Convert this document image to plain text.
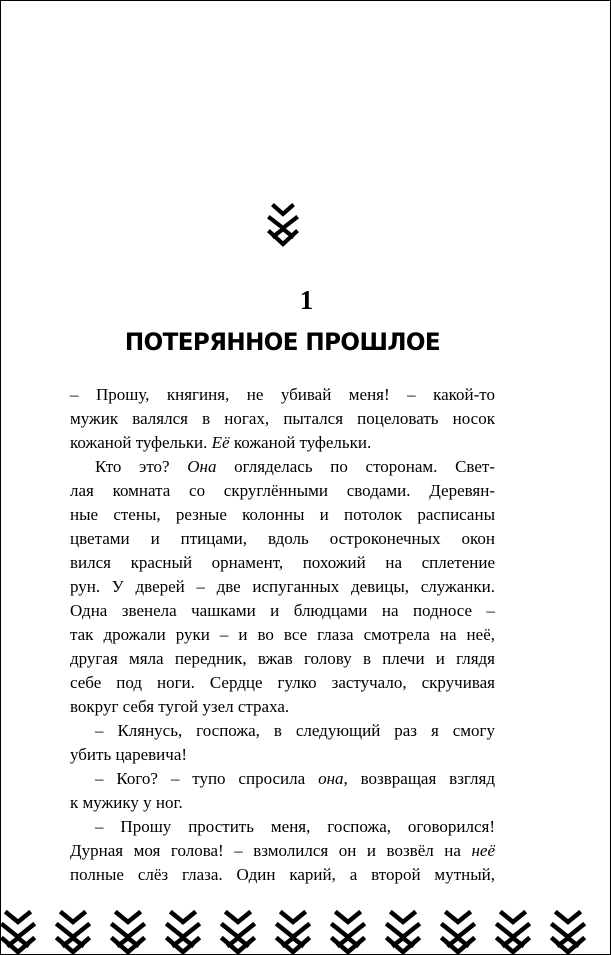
1
ПОТЕРЯННОЕ ПРОШЛОЕ
– Прошу, княгиня, не убивай меня! – какой-то
мужик валялся в ногах, пытался поцеловать носок
кожаной туфельки. Её кожаной туфельки.
Кто это? Она огляделась по сторонам. Свет-
лая комната со скруглёнными сводами. Деревян-
ные стены, резные колонны и потолок расписаны
цветами и птицами, вдоль остроконечных окон
вился красный орнамент, похожий на сплетение
рун. У дверей – две испуганных девицы, служанки.
Одна звенела чашками и блюдцами на подносе –
так дрожали руки – и во все глаза смотрела на неё,
другая мяла передник, вжав голову в плечи и глядя
себе под ноги. Сердце гулко застучало, скручивая
вокруг себя тугой узел страха.
– Клянусь, госпожа, в следующий раз я смогу
убить царевича!
– Кого? – тупо спросила она, возвращая взгляд
к мужику у ног.
– Прошу простить меня, госпожа, оговорился!
Дурная моя голова! – взмолился он и возвёл на неё
полные слёз глаза. Один карий, а второй мутный,
